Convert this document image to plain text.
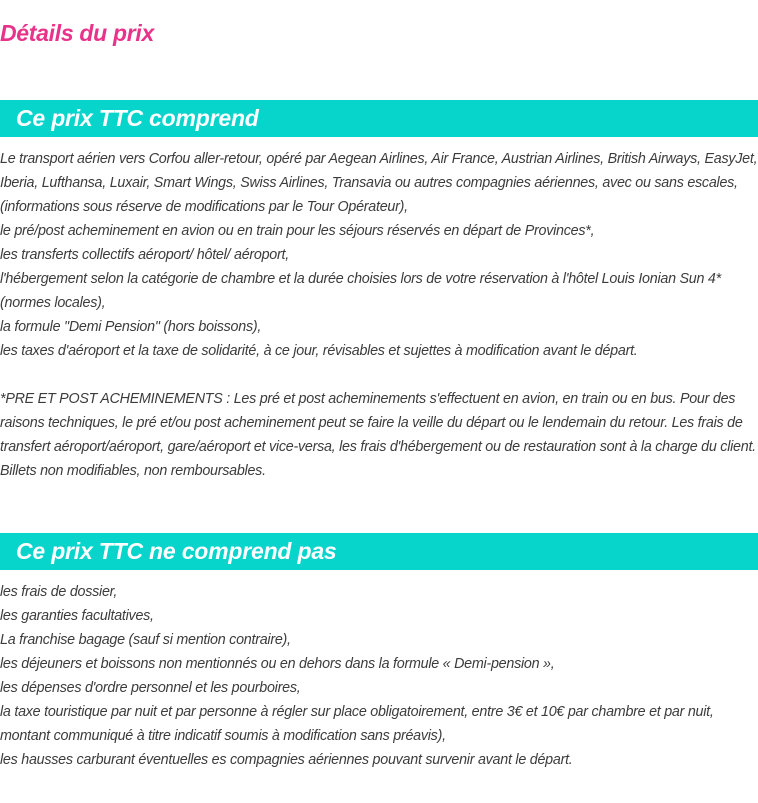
Détails du prix
Ce prix TTC comprend

Le transport aérien vers Corfou aller-retour, opéré par Aegean Airlines, Air France, Austrian Airlines, British Airways, EasyJet, Iberia, Lufthansa, Luxair, Smart Wings, Swiss Airlines, Transavia ou autres compagnies aériennes, avec ou sans escales, (informations sous réserve de modifications par le Tour Opérateur),

le pré/post acheminement en avion ou en train pour les séjours réservés en départ de Provinces*,

les transferts collectifs aéroport/ hôtel/ aéroport,

l'hébergement selon la catégorie de chambre et la durée choisies lors de votre réservation à l'hôtel Louis Ionian Sun 4* (normes locales),

la formule "Demi Pension" (hors boissons),

les taxes d'aéroport et la taxe de solidarité, à ce jour, révisables et sujettes à modification avant le départ.

*PRE ET POST ACHEMINEMENTS : Les pré et post acheminements s'effectuent en avion, en train ou en bus. Pour des raisons techniques, le pré et/ou post acheminement peut se faire la veille du départ ou le lendemain du retour. Les frais de transfert aéroport/aéroport, gare/aéroport et vice-versa, les frais d'hébergement ou de restauration sont à la charge du client. Billets non modifiables, non remboursables.

Ce prix TTC ne comprend pas

les frais de dossier,

les garanties facultatives,

La franchise bagage (sauf si mention contraire),

les déjeuners et boissons non mentionnés ou en dehors dans la formule « Demi-pension »,

les dépenses d'ordre personnel et les pourboires,

la taxe touristique par nuit et par personne à régler sur place obligatoirement, entre 3€ et 10€ par chambre et par nuit, montant communiqué à titre indicatif soumis à modification sans préavis),

les hausses carburant éventuelles es compagnies aériennes pouvant survenir avant le départ.
